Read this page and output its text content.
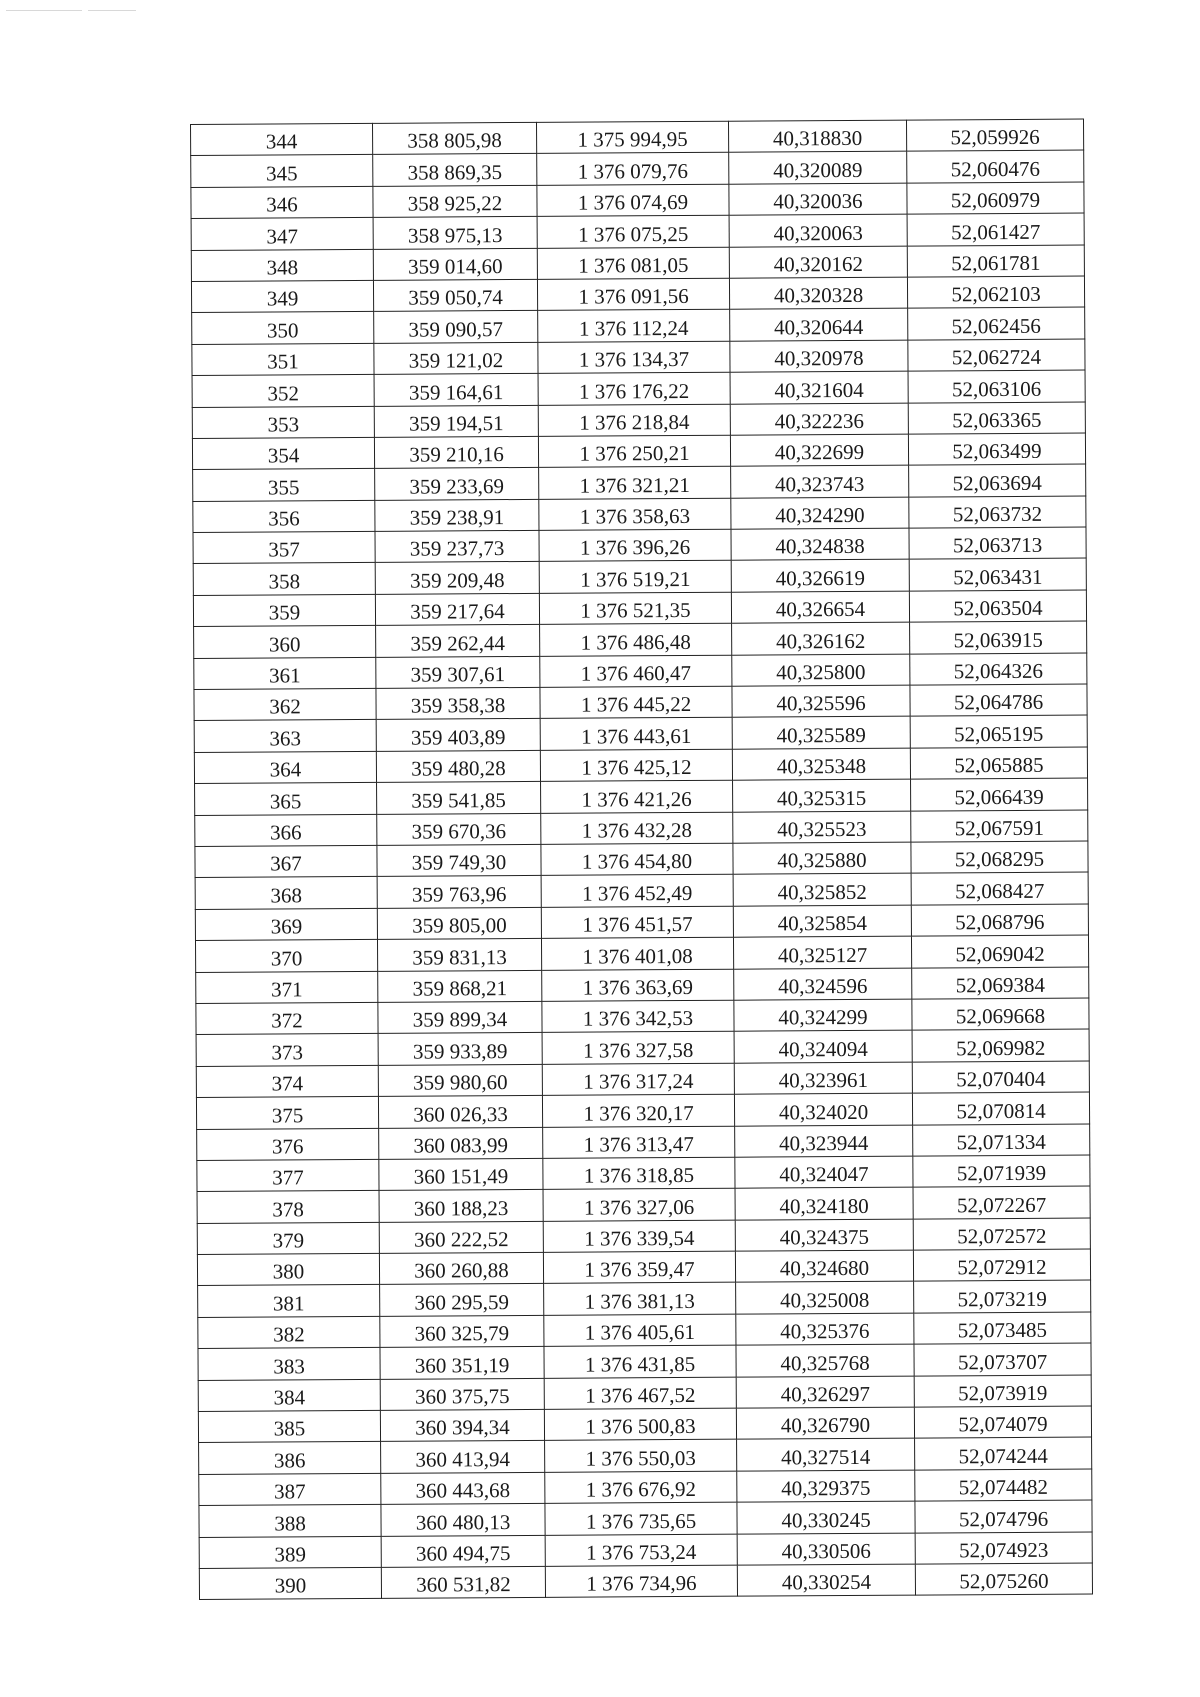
344	358 805,98	1 375 994,95	40,318830	52,059926
345	358 869,35	1 376 079,76	40,320089	52,060476
346	358 925,22	1 376 074,69	40,320036	52,060979
347	358 975,13	1 376 075,25	40,320063	52,061427
348	359 014,60	1 376 081,05	40,320162	52,061781
349	359 050,74	1 376 091,56	40,320328	52,062103
350	359 090,57	1 376 112,24	40,320644	52,062456
351	359 121,02	1 376 134,37	40,320978	52,062724
352	359 164,61	1 376 176,22	40,321604	52,063106
353	359 194,51	1 376 218,84	40,322236	52,063365
354	359 210,16	1 376 250,21	40,322699	52,063499
355	359 233,69	1 376 321,21	40,323743	52,063694
356	359 238,91	1 376 358,63	40,324290	52,063732
357	359 237,73	1 376 396,26	40,324838	52,063713
358	359 209,48	1 376 519,21	40,326619	52,063431
359	359 217,64	1 376 521,35	40,326654	52,063504
360	359 262,44	1 376 486,48	40,326162	52,063915
361	359 307,61	1 376 460,47	40,325800	52,064326
362	359 358,38	1 376 445,22	40,325596	52,064786
363	359 403,89	1 376 443,61	40,325589	52,065195
364	359 480,28	1 376 425,12	40,325348	52,065885
365	359 541,85	1 376 421,26	40,325315	52,066439
366	359 670,36	1 376 432,28	40,325523	52,067591
367	359 749,30	1 376 454,80	40,325880	52,068295
368	359 763,96	1 376 452,49	40,325852	52,068427
369	359 805,00	1 376 451,57	40,325854	52,068796
370	359 831,13	1 376 401,08	40,325127	52,069042
371	359 868,21	1 376 363,69	40,324596	52,069384
372	359 899,34	1 376 342,53	40,324299	52,069668
373	359 933,89	1 376 327,58	40,324094	52,069982
374	359 980,60	1 376 317,24	40,323961	52,070404
375	360 026,33	1 376 320,17	40,324020	52,070814
376	360 083,99	1 376 313,47	40,323944	52,071334
377	360 151,49	1 376 318,85	40,324047	52,071939
378	360 188,23	1 376 327,06	40,324180	52,072267
379	360 222,52	1 376 339,54	40,324375	52,072572
380	360 260,88	1 376 359,47	40,324680	52,072912
381	360 295,59	1 376 381,13	40,325008	52,073219
382	360 325,79	1 376 405,61	40,325376	52,073485
383	360 351,19	1 376 431,85	40,325768	52,073707
384	360 375,75	1 376 467,52	40,326297	52,073919
385	360 394,34	1 376 500,83	40,326790	52,074079
386	360 413,94	1 376 550,03	40,327514	52,074244
387	360 443,68	1 376 676,92	40,329375	52,074482
388	360 480,13	1 376 735,65	40,330245	52,074796
389	360 494,75	1 376 753,24	40,330506	52,074923
390	360 531,82	1 376 734,96	40,330254	52,075260
